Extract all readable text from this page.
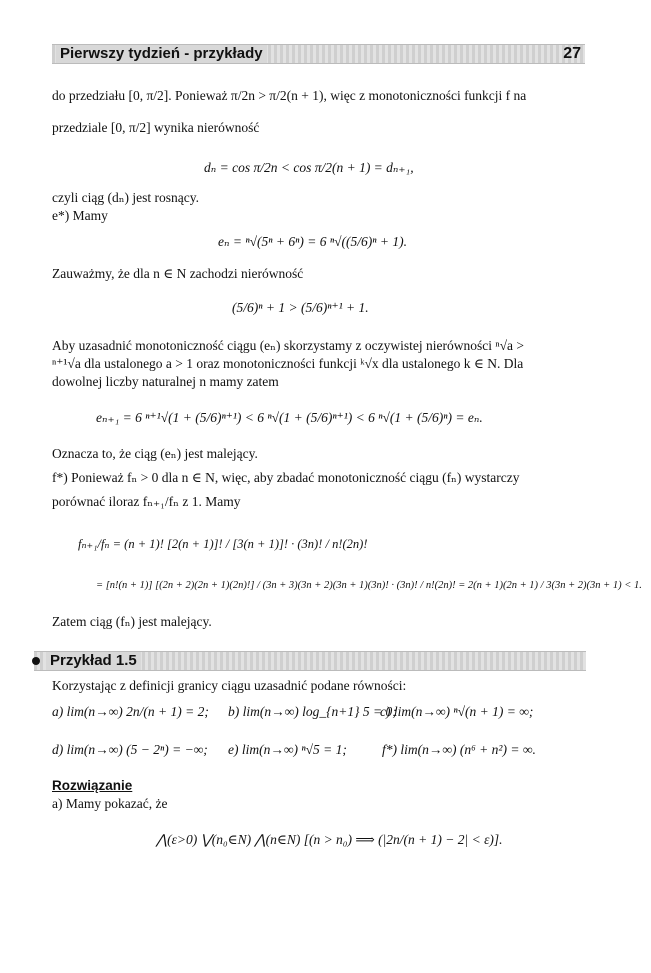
Pierwszy tydzień - przykłady	27
do przedziału [0, π/2]. Ponieważ π/2n > π/2(n + 1), więc z monotoniczności funkcji f na
przedziale [0, π/2] wynika nierówność
dₙ = cos π/2n < cos π/2(n + 1) = dₙ₊₁,
czyli ciąg (dₙ) jest rosnący.
e*) Mamy
eₙ = ⁿ√(5ⁿ + 6ⁿ) = 6 ⁿ√((5/6)ⁿ + 1).
Zauważmy, że dla n ∈ N zachodzi nierówność
(5/6)ⁿ + 1 > (5/6)ⁿ⁺¹ + 1.
Aby uzasadnić monotoniczność ciągu (eₙ) skorzystamy z oczywistej nierówności ⁿ√a >
ⁿ⁺¹√a dla ustalonego a > 1 oraz monotoniczności funkcji ᵏ√x dla ustalonego k ∈ N. Dla
dowolnej liczby naturalnej n mamy zatem
eₙ₊₁ = 6 ⁿ⁺¹√(1 + (5/6)ⁿ⁺¹) < 6 ⁿ√(1 + (5/6)ⁿ⁺¹) < 6 ⁿ√(1 + (5/6)ⁿ) = eₙ.
Oznacza to, że ciąg (eₙ) jest malejący.
f*) Ponieważ fₙ > 0 dla n ∈ N, więc, aby zbadać monotoniczność ciągu (fₙ) wystarczy
porównać iloraz fₙ₊₁/fₙ z 1. Mamy
fₙ₊₁/fₙ = (n + 1)! [2(n + 1)]! / [3(n + 1)]! · (3n)! / n!(2n)!
= [n!(n + 1)] [(2n + 2)(2n + 1)(2n)!] / (3n + 3)(3n + 2)(3n + 1)(3n)! · (3n)! / n!(2n)! = 2(n + 1)(2n + 1) / 3(3n + 2)(3n + 1) < 1.
Zatem ciąg (fₙ) jest malejący.
Przykład 1.5
Korzystając z definicji granicy ciągu uzasadnić podane równości:
a) lim(n→∞) 2n/(n + 1) = 2; b) lim(n→∞) log_{n+1} 5 = 0;
c) lim(n→∞) ⁿ√(n + 1) = ∞;
d) lim(n→∞) (5 − 2ⁿ) = −∞; e) lim(n→∞) ⁿ√5 = 1;	f*) lim(n→∞) (n⁶ + n²) = ∞.
Rozwiązanie
a) Mamy pokazać, że
⋀(ε>0) ⋁(n₀∈N) ⋀(n∈N) [(n > n₀) ⟹ (|2n/(n + 1) − 2| < ε)].
